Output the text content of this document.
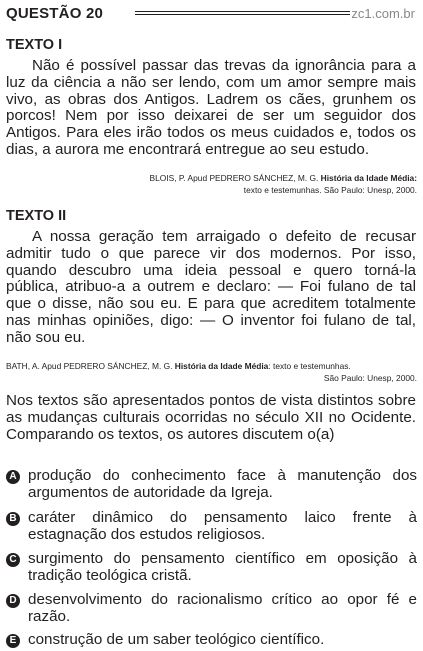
QUESTÃO 20	zc1.com.br
TEXTO I

Não é possível passar das trevas da ignorância para a luz da ciência a não ser lendo, com um amor sempre mais vivo, as obras dos Antigos. Ladrem os cães, grunhem os porcos! Nem por isso deixarei de ser um seguidor dos Antigos. Para eles irão todos os meus cuidados e, todos os dias, a aurora me encontrará entregue ao seu estudo.

BLOIS, P. Apud PEDRERO SÁNCHEZ, M. G. História da Idade Média:
texto e testemunhas. São Paulo: Unesp, 2000.
TEXTO II

A nossa geração tem arraigado o defeito de recusar admitir tudo o que parece vir dos modernos. Por isso, quando descubro uma ideia pessoal e quero torná-la pública, atribuo-a a outrem e declaro: — Foi fulano de tal que o disse, não sou eu. E para que acreditem totalmente nas minhas opiniões, digo: — O inventor foi fulano de tal, não sou eu.

BATH, A. Apud PEDRERO SÁNCHEZ, M. G. História da Idade Média: texto e testemunhas.

São Paulo: Unesp, 2000.

Nos textos são apresentados pontos de vista distintos sobre as mudanças culturais ocorridas no século XII no Ocidente. Comparando os textos, os autores discutem o(a)

A produção do conhecimento face à manutenção dos argumentos de autoridade da Igreja.
B caráter dinâmico do pensamento laico frente à estagnação dos estudos religiosos.
C surgimento do pensamento científico em oposição à tradição teológica cristã.
D desenvolvimento do racionalismo crítico ao opor fé e razão.
E construção de um saber teológico científico.
